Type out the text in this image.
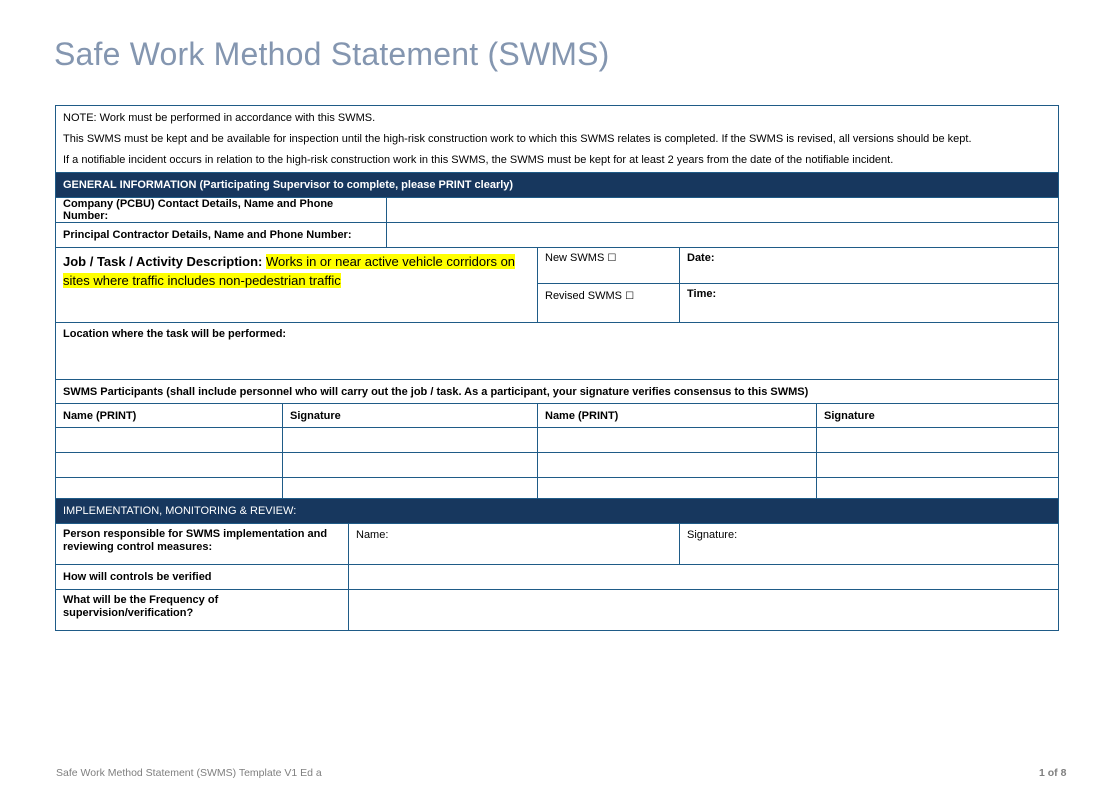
Safe Work Method Statement (SWMS)

NOTE: Work must be performed in accordance with this SWMS.

This SWMS must be kept and be available for inspection until the high-risk construction work to which this SWMS relates is completed. If the SWMS is revised, all versions should be kept.

If a notifiable incident occurs in relation to the high-risk construction work in this SWMS, the SWMS must be kept for at least 2 years from the date of the notifiable incident.					

GENERAL INFORMATION (Participating Supervisor to complete, please PRINT clearly)					
Company (PCBU) Contact Details, Name and Phone Number:					
Principal Contractor Details, Name and Phone Number:					
Job / Task / Activity Description: Works in or near active vehicle corridors on sites where traffic includes non-pedestrian traffic			New SWMS ☐	Date:	
			Revised SWMS ☐	Time:	
Location where the task will be performed:					
SWMS Participants (shall include personnel who will carry out the job / task. As a participant, your signature verifies consensus to this SWMS)					
Name (PRINT)	Signature		Name (PRINT)		Signature

IMPLEMENTATION, MONITORING & REVIEW:		
Person responsible for SWMS implementation and reviewing control measures:	Name:	Signature:
How will controls be verified		
What will be the Frequency of supervision/verification?		
Safe Work Method Statement (SWMS) Template V1 Ed a	1 of 8
